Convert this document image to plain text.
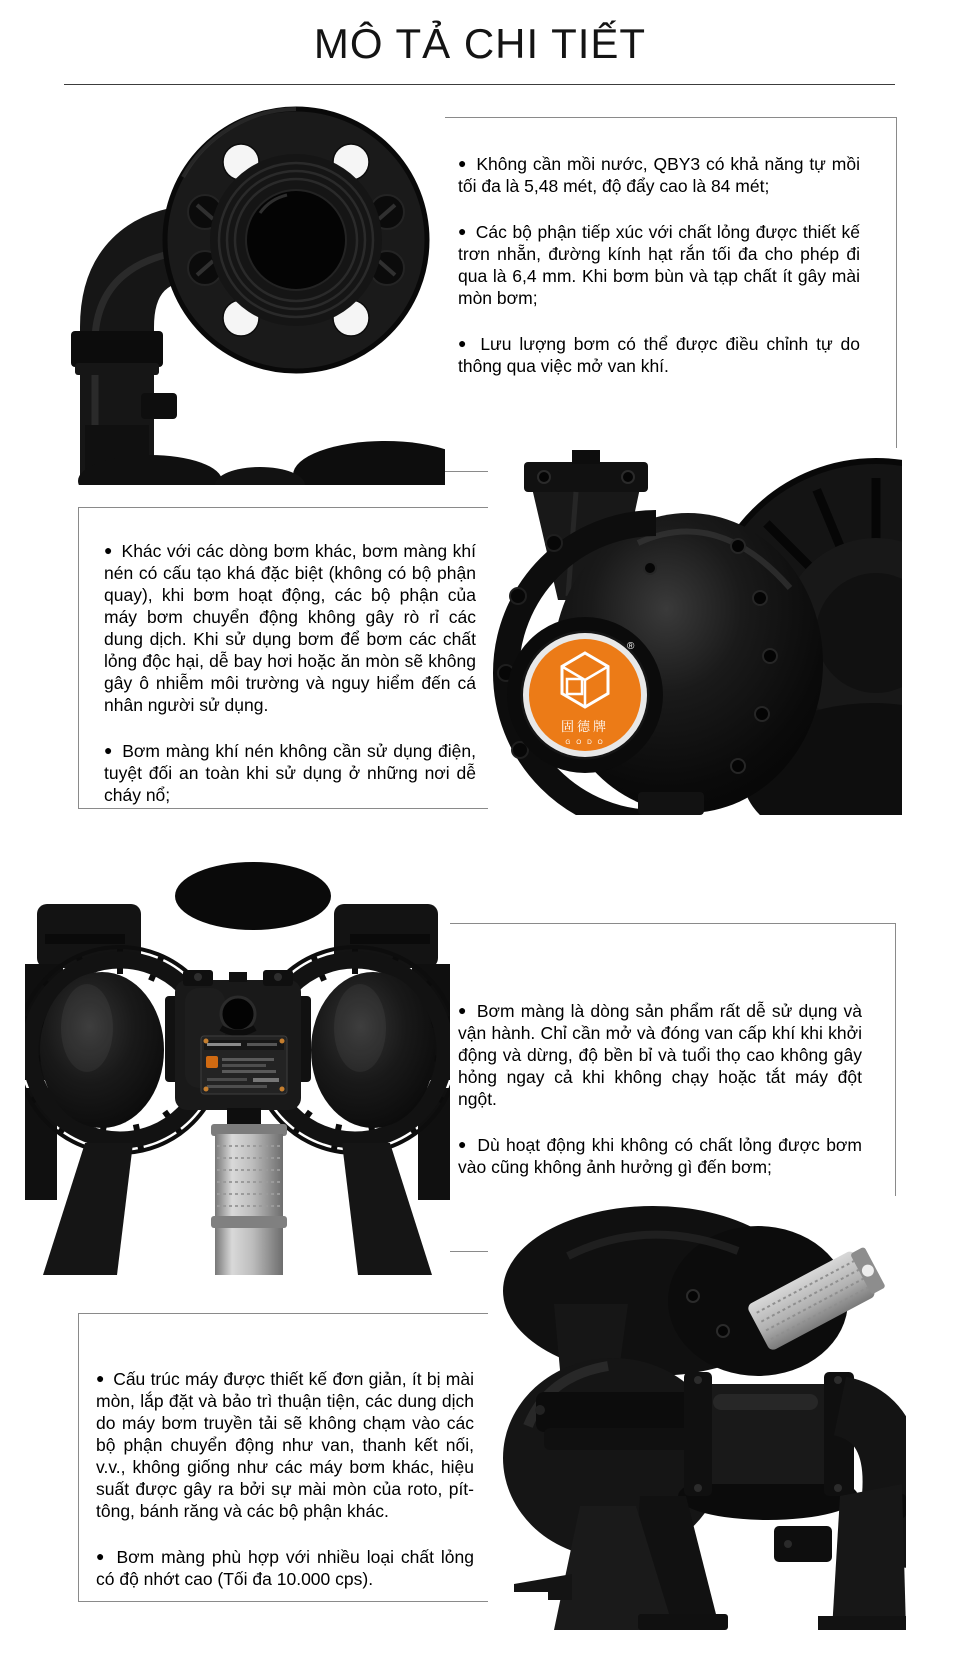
MÔ TẢ CHI TIẾT
®
固德牌
G O D O

● Không cần mồi nước, QBY3 có khả năng tự mồi tối đa là 5,48 mét, độ đẩy cao là 84 mét;

● Các bộ phận tiếp xúc với chất lỏng được thiết kế trơn nhẵn, đường kính hạt rắn tối đa cho phép đi qua là 6,4 mm. Khi bơm bùn và tạp chất ít gây mài mòn bơm;

● Lưu lượng bơm có thể được điều chỉnh tự do thông qua việc mở van khí.

● Khác với các dòng bơm khác, bơm màng khí nén có cấu tạo khá đặc biệt (không có bộ phận quay), khi bơm hoạt động, các bộ phận của máy bơm chuyển động không gây rò rỉ các dung dịch. Khi sử dụng bơm để bơm các chất lỏng độc hại, dễ bay hơi hoặc ăn mòn sẽ không gây ô nhiễm môi trường và nguy hiểm đến cá nhân người sử dụng.

● Bơm màng khí nén không cần sử dụng điện, tuyệt đối an toàn khi sử dụng ở những nơi dễ cháy nổ;

● Bơm màng là dòng sản phẩm rất dễ sử dụng và vận hành. Chỉ cần mở và đóng van cấp khí khi khởi động và dừng, độ bền bỉ và tuổi thọ cao không gây hỏng ngay cả khi không chạy hoặc tắt máy đột ngột.

● Dù hoạt động khi không có chất lỏng được bơm vào cũng không ảnh hưởng gì đến bơm;

● Cấu trúc máy được thiết kế đơn giản, ít bị mài mòn, lắp đặt và bảo trì thuận tiện, các dung dịch do máy bơm truyền tải sẽ không chạm vào các bộ phận chuyển động như van, thanh kết nối, v.v., không giống như các máy bơm khác, hiệu suất được gây ra bởi sự mài mòn của roto, pít-tông, bánh răng và các bộ phận khác.

● Bơm màng phù hợp với nhiều loại chất lỏng có độ nhớt cao (Tối đa 10.000 cps).
